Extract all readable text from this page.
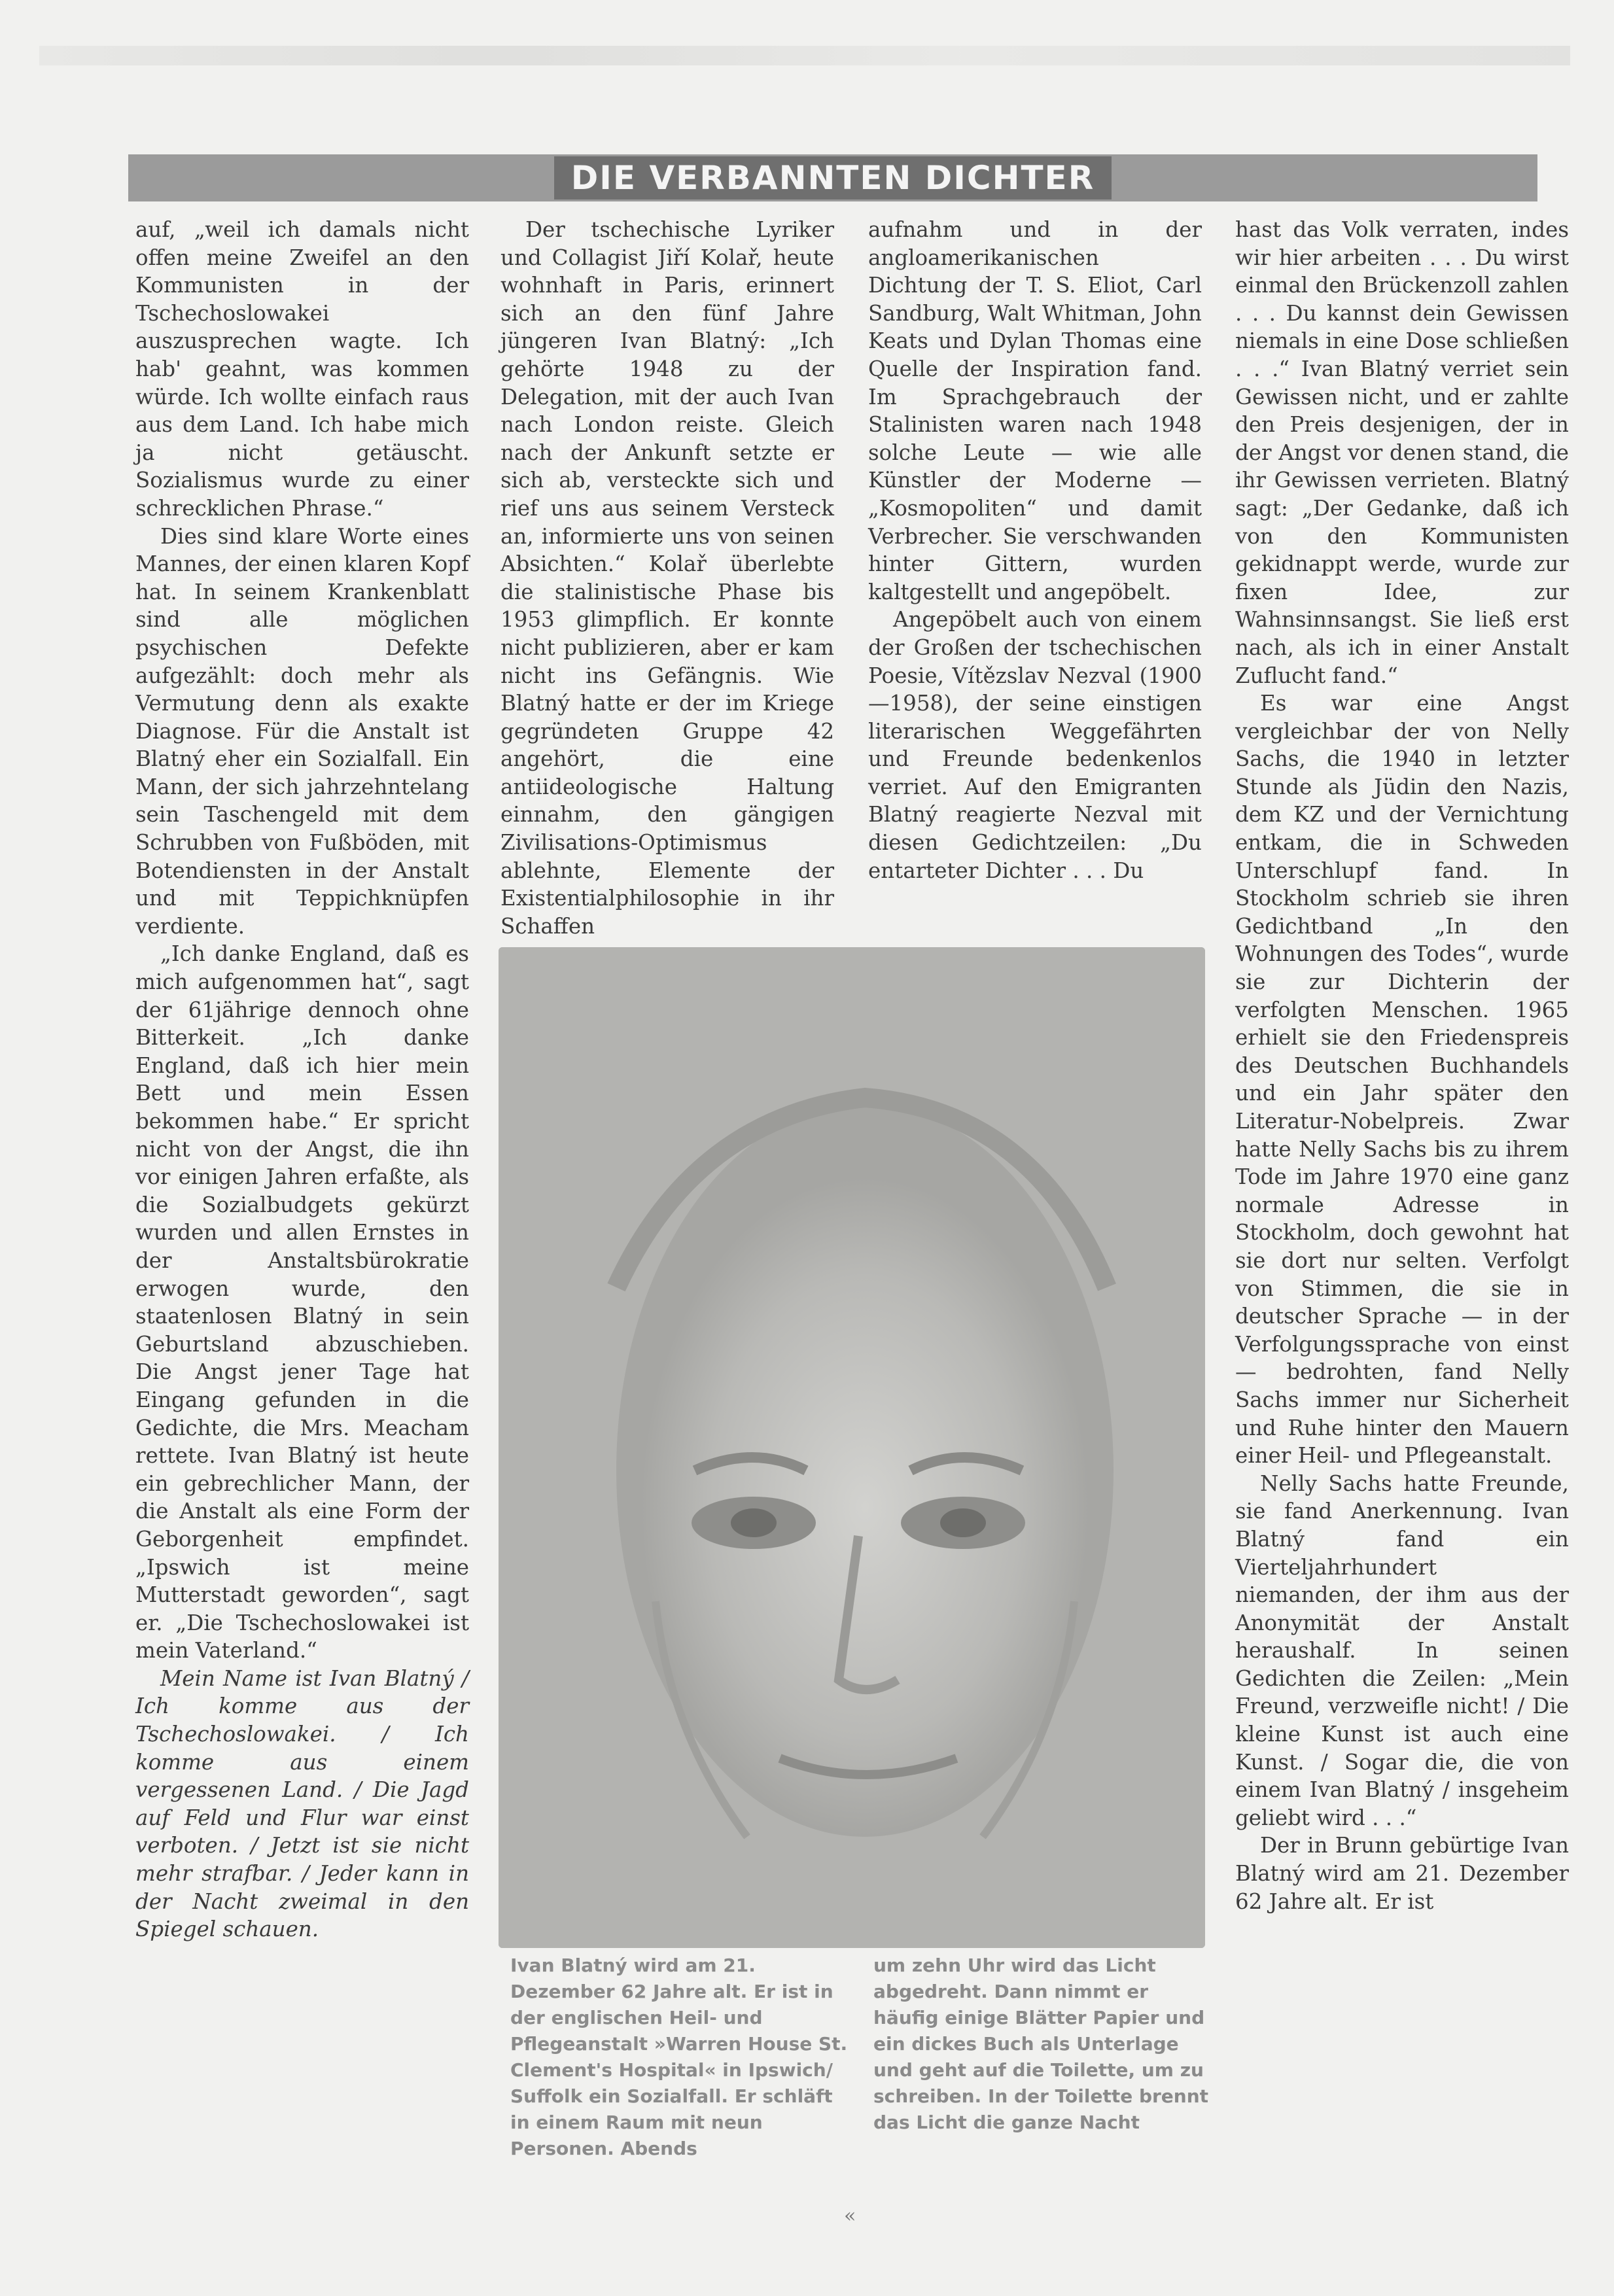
DIE VERBANNTEN DICHTER

auf, „weil ich damals nicht offen meine Zweifel an den Kommunisten in der Tschechoslowakei auszusprechen wagte. Ich hab' geahnt, was kommen würde. Ich wollte einfach raus aus dem Land. Ich habe mich ja nicht getäuscht. Sozialismus wurde zu einer schrecklichen Phrase.“

Dies sind klare Worte eines Mannes, der einen klaren Kopf hat. In seinem Krankenblatt sind alle möglichen psychischen Defekte aufgezählt: doch mehr als Vermutung denn als exakte Diagnose. Für die Anstalt ist Blatný eher ein Sozialfall. Ein Mann, der sich jahrzehntelang sein Taschengeld mit dem Schrubben von Fußböden, mit Botendiensten in der Anstalt und mit Teppichknüpfen verdiente.

„Ich danke England, daß es mich aufgenommen hat“, sagt der 61jährige dennoch ohne Bitterkeit. „Ich danke England, daß ich hier mein Bett und mein Essen bekommen habe.“ Er spricht nicht von der Angst, die ihn vor einigen Jahren erfaßte, als die Sozialbudgets gekürzt wurden und allen Ernstes in der Anstaltsbürokratie erwogen wurde, den staatenlosen Blatný in sein Geburtsland abzuschieben. Die Angst jener Tage hat Eingang gefunden in die Gedichte, die Mrs. Meacham rettete. Ivan Blatný ist heute ein gebrechlicher Mann, der die Anstalt als eine Form der Geborgenheit empfindet. „Ipswich ist meine Mutterstadt geworden“, sagt er. „Die Tschechoslowakei ist mein Vaterland.“

Mein Name ist Ivan Blatný / Ich komme aus der Tschechoslowakei. / Ich komme aus einem vergessenen Land. / Die Jagd auf Feld und Flur war einst verboten. / Jetzt ist sie nicht mehr strafbar. / Jeder kann in der Nacht zweimal in den Spiegel schauen.

Der tschechische Lyriker und Collagist Jiří Kolař, heute wohnhaft in Paris, erinnert sich an den fünf Jahre jüngeren Ivan Blatný: „Ich gehörte 1948 zu der Delegation, mit der auch Ivan nach London reiste. Gleich nach der Ankunft setzte er sich ab, versteckte sich und rief uns aus seinem Versteck an, informierte uns von seinen Absichten.“ Kolař überlebte die stalinistische Phase bis 1953 glimpflich. Er konnte nicht publizieren, aber er kam nicht ins Gefängnis. Wie Blatný hatte er der im Kriege gegründeten Gruppe 42 angehört, die eine antiideologische Haltung einnahm, den gängigen Zivilisations-Optimismus ablehnte, Elemente der Existentialphilosophie in ihr Schaffen

aufnahm und in der angloamerikanischen Dichtung der T. S. Eliot, Carl Sandburg, Walt Whitman, John Keats und Dylan Thomas eine Quelle der Inspiration fand. Im Sprachgebrauch der Stalinisten waren nach 1948 solche Leute — wie alle Künstler der Moderne — „Kosmopoliten“ und damit Verbrecher. Sie verschwanden hinter Gittern, wurden kaltgestellt und angepöbelt.

Angepöbelt auch von einem der Großen der tschechischen Poesie, Vítězslav Nezval (1900—1958), der seine einstigen literarischen Weggefährten und Freunde bedenkenlos verriet. Auf den Emigranten Blatný reagierte Nezval mit diesen Gedichtzeilen: „Du entarteter Dichter . . . Du

hast das Volk verraten, indes wir hier arbeiten . . . Du wirst einmal den Brückenzoll zahlen . . . Du kannst dein Gewissen niemals in eine Dose schließen . . .“ Ivan Blatný verriet sein Gewissen nicht, und er zahlte den Preis desjenigen, der in der Angst vor denen stand, die ihr Gewissen verrieten. Blatný sagt: „Der Gedanke, daß ich von den Kommunisten gekidnappt werde, wurde zur fixen Idee, zur Wahnsinnsangst. Sie ließ erst nach, als ich in einer Anstalt Zuflucht fand.“

Es war eine Angst vergleichbar der von Nelly Sachs, die 1940 in letzter Stunde als Jüdin den Nazis, dem KZ und der Vernichtung entkam, die in Schweden Unterschlupf fand. In Stockholm schrieb sie ihren Gedichtband „In den Wohnungen des Todes“, wurde sie zur Dichterin der verfolgten Menschen. 1965 erhielt sie den Friedenspreis des Deutschen Buchhandels und ein Jahr später den Literatur-Nobelpreis. Zwar hatte Nelly Sachs bis zu ihrem Tode im Jahre 1970 eine ganz normale Adresse in Stockholm, doch gewohnt hat sie dort nur selten. Verfolgt von Stimmen, die sie in deutscher Sprache — in der Verfolgungssprache von einst — bedrohten, fand Nelly Sachs immer nur Sicherheit und Ruhe hinter den Mauern einer Heil- und Pflegeanstalt.

Nelly Sachs hatte Freunde, sie fand Anerkennung. Ivan Blatný fand ein Vierteljahrhundert niemanden, der ihm aus der Anonymität der Anstalt heraushalf. In seinen Gedichten die Zeilen: „Mein Freund, verzweifle nicht! / Die kleine Kunst ist auch eine Kunst. / Sogar die, die von einem Ivan Blatný / insgeheim geliebt wird . . .“

Der in Brunn gebürtige Ivan Blatný wird am 21. Dezember 62 Jahre alt. Er ist

Ivan Blatný wird am 21. Dezember 62 Jahre alt. Er ist in der englischen Heil- und Pflegeanstalt »Warren House St. Clement's Hospital« in Ipswich/ Suffolk ein Sozialfall. Er schläft in einem Raum mit neun Personen. Abends
um zehn Uhr wird das Licht abgedreht. Dann nimmt er häufig einige Blätter Papier und ein dickes Buch als Unterlage und geht auf die Toilette, um zu schreiben. In der Toilette brennt das Licht die ganze Nacht
«
